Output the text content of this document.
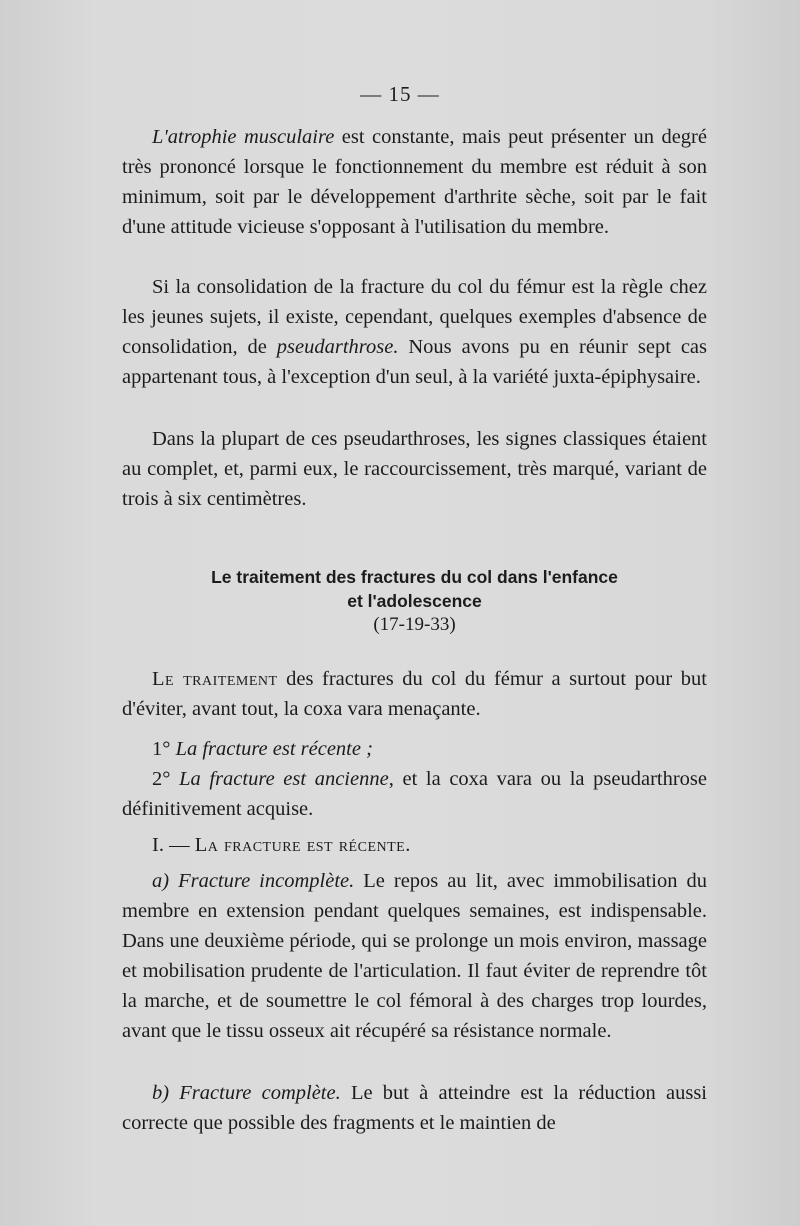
— 15 —

L'atrophie musculaire est constante, mais peut présenter un degré très prononcé lorsque le fonctionnement du membre est réduit à son minimum, soit par le développement d'arthrite sèche, soit par le fait d'une attitude vicieuse s'opposant à l'utilisation du membre.

Si la consolidation de la fracture du col du fémur est la règle chez les jeunes sujets, il existe, cependant, quelques exemples d'absence de consolidation, de pseudarthrose. Nous avons pu en réunir sept cas appartenant tous, à l'exception d'un seul, à la variété juxta-épiphysaire.

Dans la plupart de ces pseudarthroses, les signes classiques étaient au complet, et, parmi eux, le raccourcissement, très marqué, variant de trois à six centimètres.

Le traitement des fractures du col dans l'enfance
et l'adolescence
(17-19-33)

Le traitement des fractures du col du fémur a surtout pour but d'éviter, avant tout, la coxa vara menaçante.

1° La fracture est récente ;

2° La fracture est ancienne, et la coxa vara ou la pseudarthrose définitivement acquise.

I. — La fracture est récente.

a) Fracture incomplète. Le repos au lit, avec immobilisation du membre en extension pendant quelques semaines, est indispensable. Dans une deuxième période, qui se prolonge un mois environ, massage et mobilisation prudente de l'articulation. Il faut éviter de reprendre tôt la marche, et de soumettre le col fémoral à des charges trop lourdes, avant que le tissu osseux ait récupéré sa résistance normale.

b) Fracture complète. Le but à atteindre est la réduction aussi correcte que possible des fragments et le maintien de
